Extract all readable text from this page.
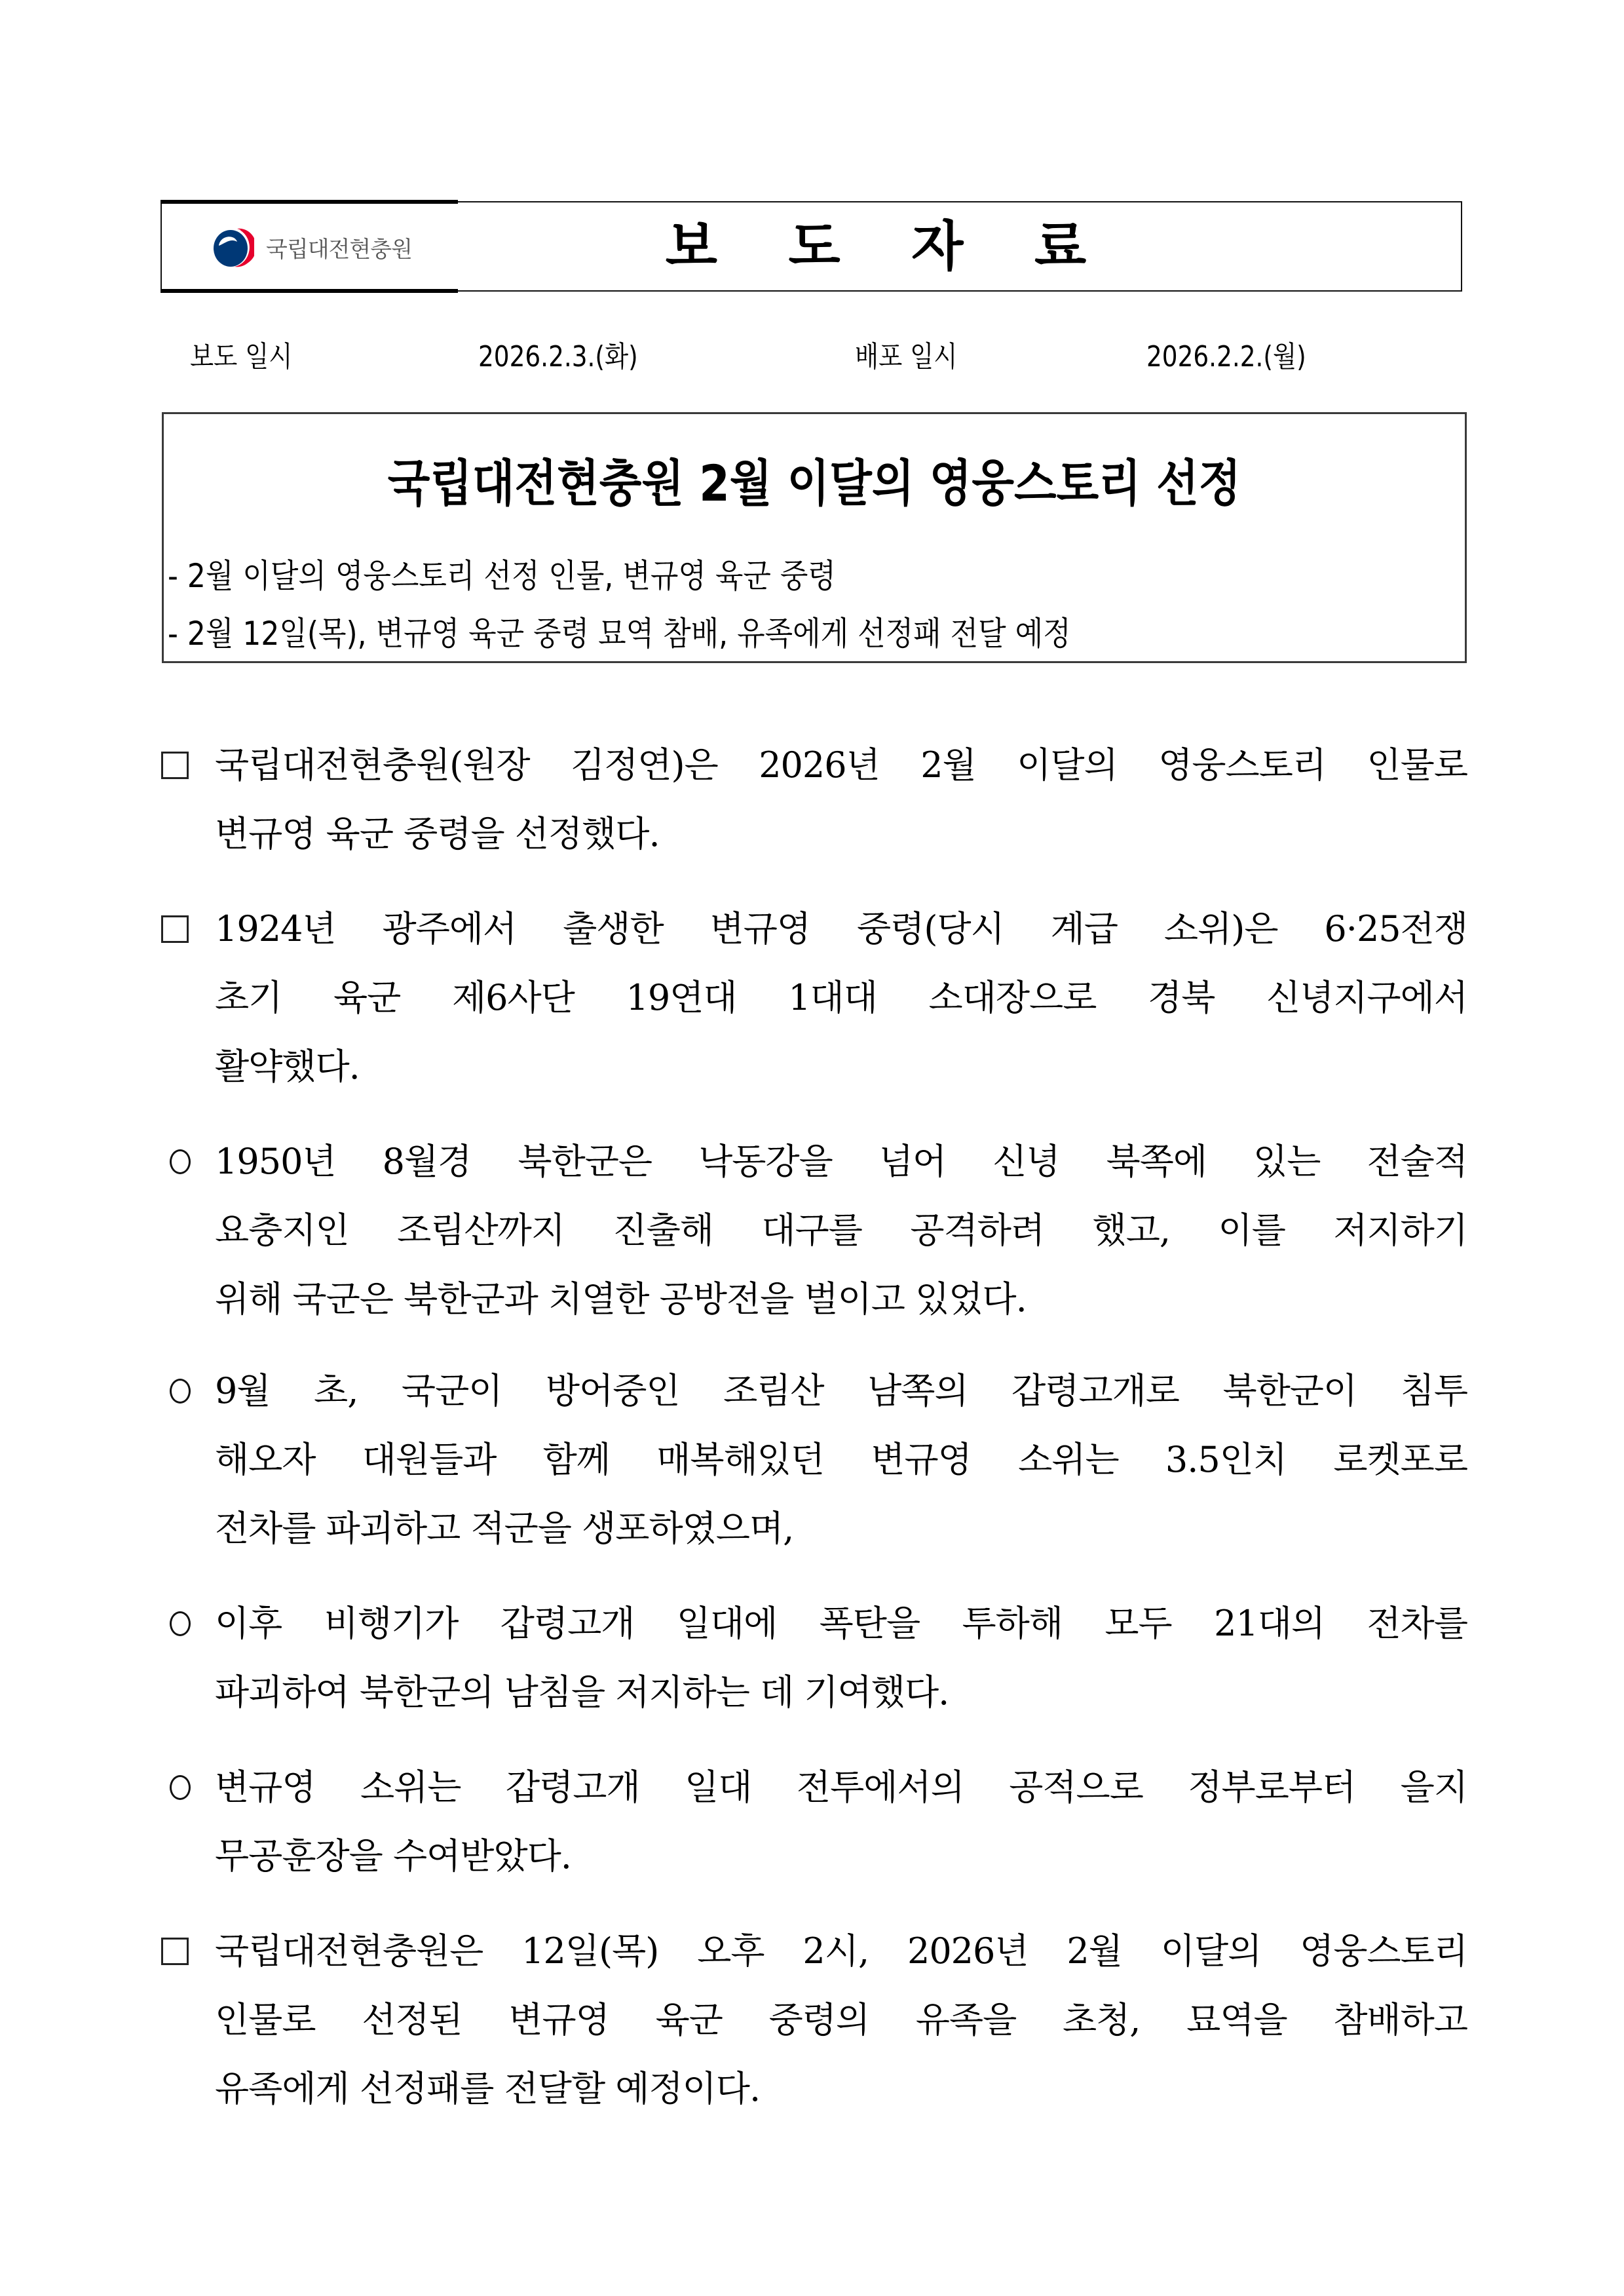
국립대전현충원	보 도 자 료
보도 일시	2026.2.3.(화)	배포 일시	2026.2.2.(월)
국립대전현충원 2월 이달의 영웅스토리 선정
- 2월 이달의 영웅스토리 선정 인물, 변규영 육군 중령
- 2월 12일(목), 변규영 육군 중령 묘역 참배, 유족에게 선정패 전달 예정
국립대전현충원(원장 김정연)은 2026년 2월 이달의 영웅스토리 인물로
변규영 육군 중령을 선정했다.
1924년 광주에서 출생한 변규영 중령(당시 계급 소위)은 6·25전쟁
초기 육군 제6사단 19연대 1대대 소대장으로 경북 신녕지구에서
활약했다.
1950년 8월경 북한군은 낙동강을 넘어 신녕 북쪽에 있는 전술적
요충지인 조림산까지 진출해 대구를 공격하려 했고, 이를 저지하기
위해 국군은 북한군과 치열한 공방전을 벌이고 있었다.
9월 초, 국군이 방어중인 조림산 남쪽의 갑령고개로 북한군이 침투
해오자 대원들과 함께 매복해있던 변규영 소위는 3.5인치 로켓포로
전차를 파괴하고 적군을 생포하였으며,
이후 비행기가 갑령고개 일대에 폭탄을 투하해 모두 21대의 전차를
파괴하여 북한군의 남침을 저지하는 데 기여했다.
변규영 소위는 갑령고개 일대 전투에서의 공적으로 정부로부터 을지
무공훈장을 수여받았다.
국립대전현충원은 12일(목) 오후 2시, 2026년 2월 이달의 영웅스토리
인물로 선정된 변규영 육군 중령의 유족을 초청, 묘역을 참배하고
유족에게 선정패를 전달할 예정이다.
